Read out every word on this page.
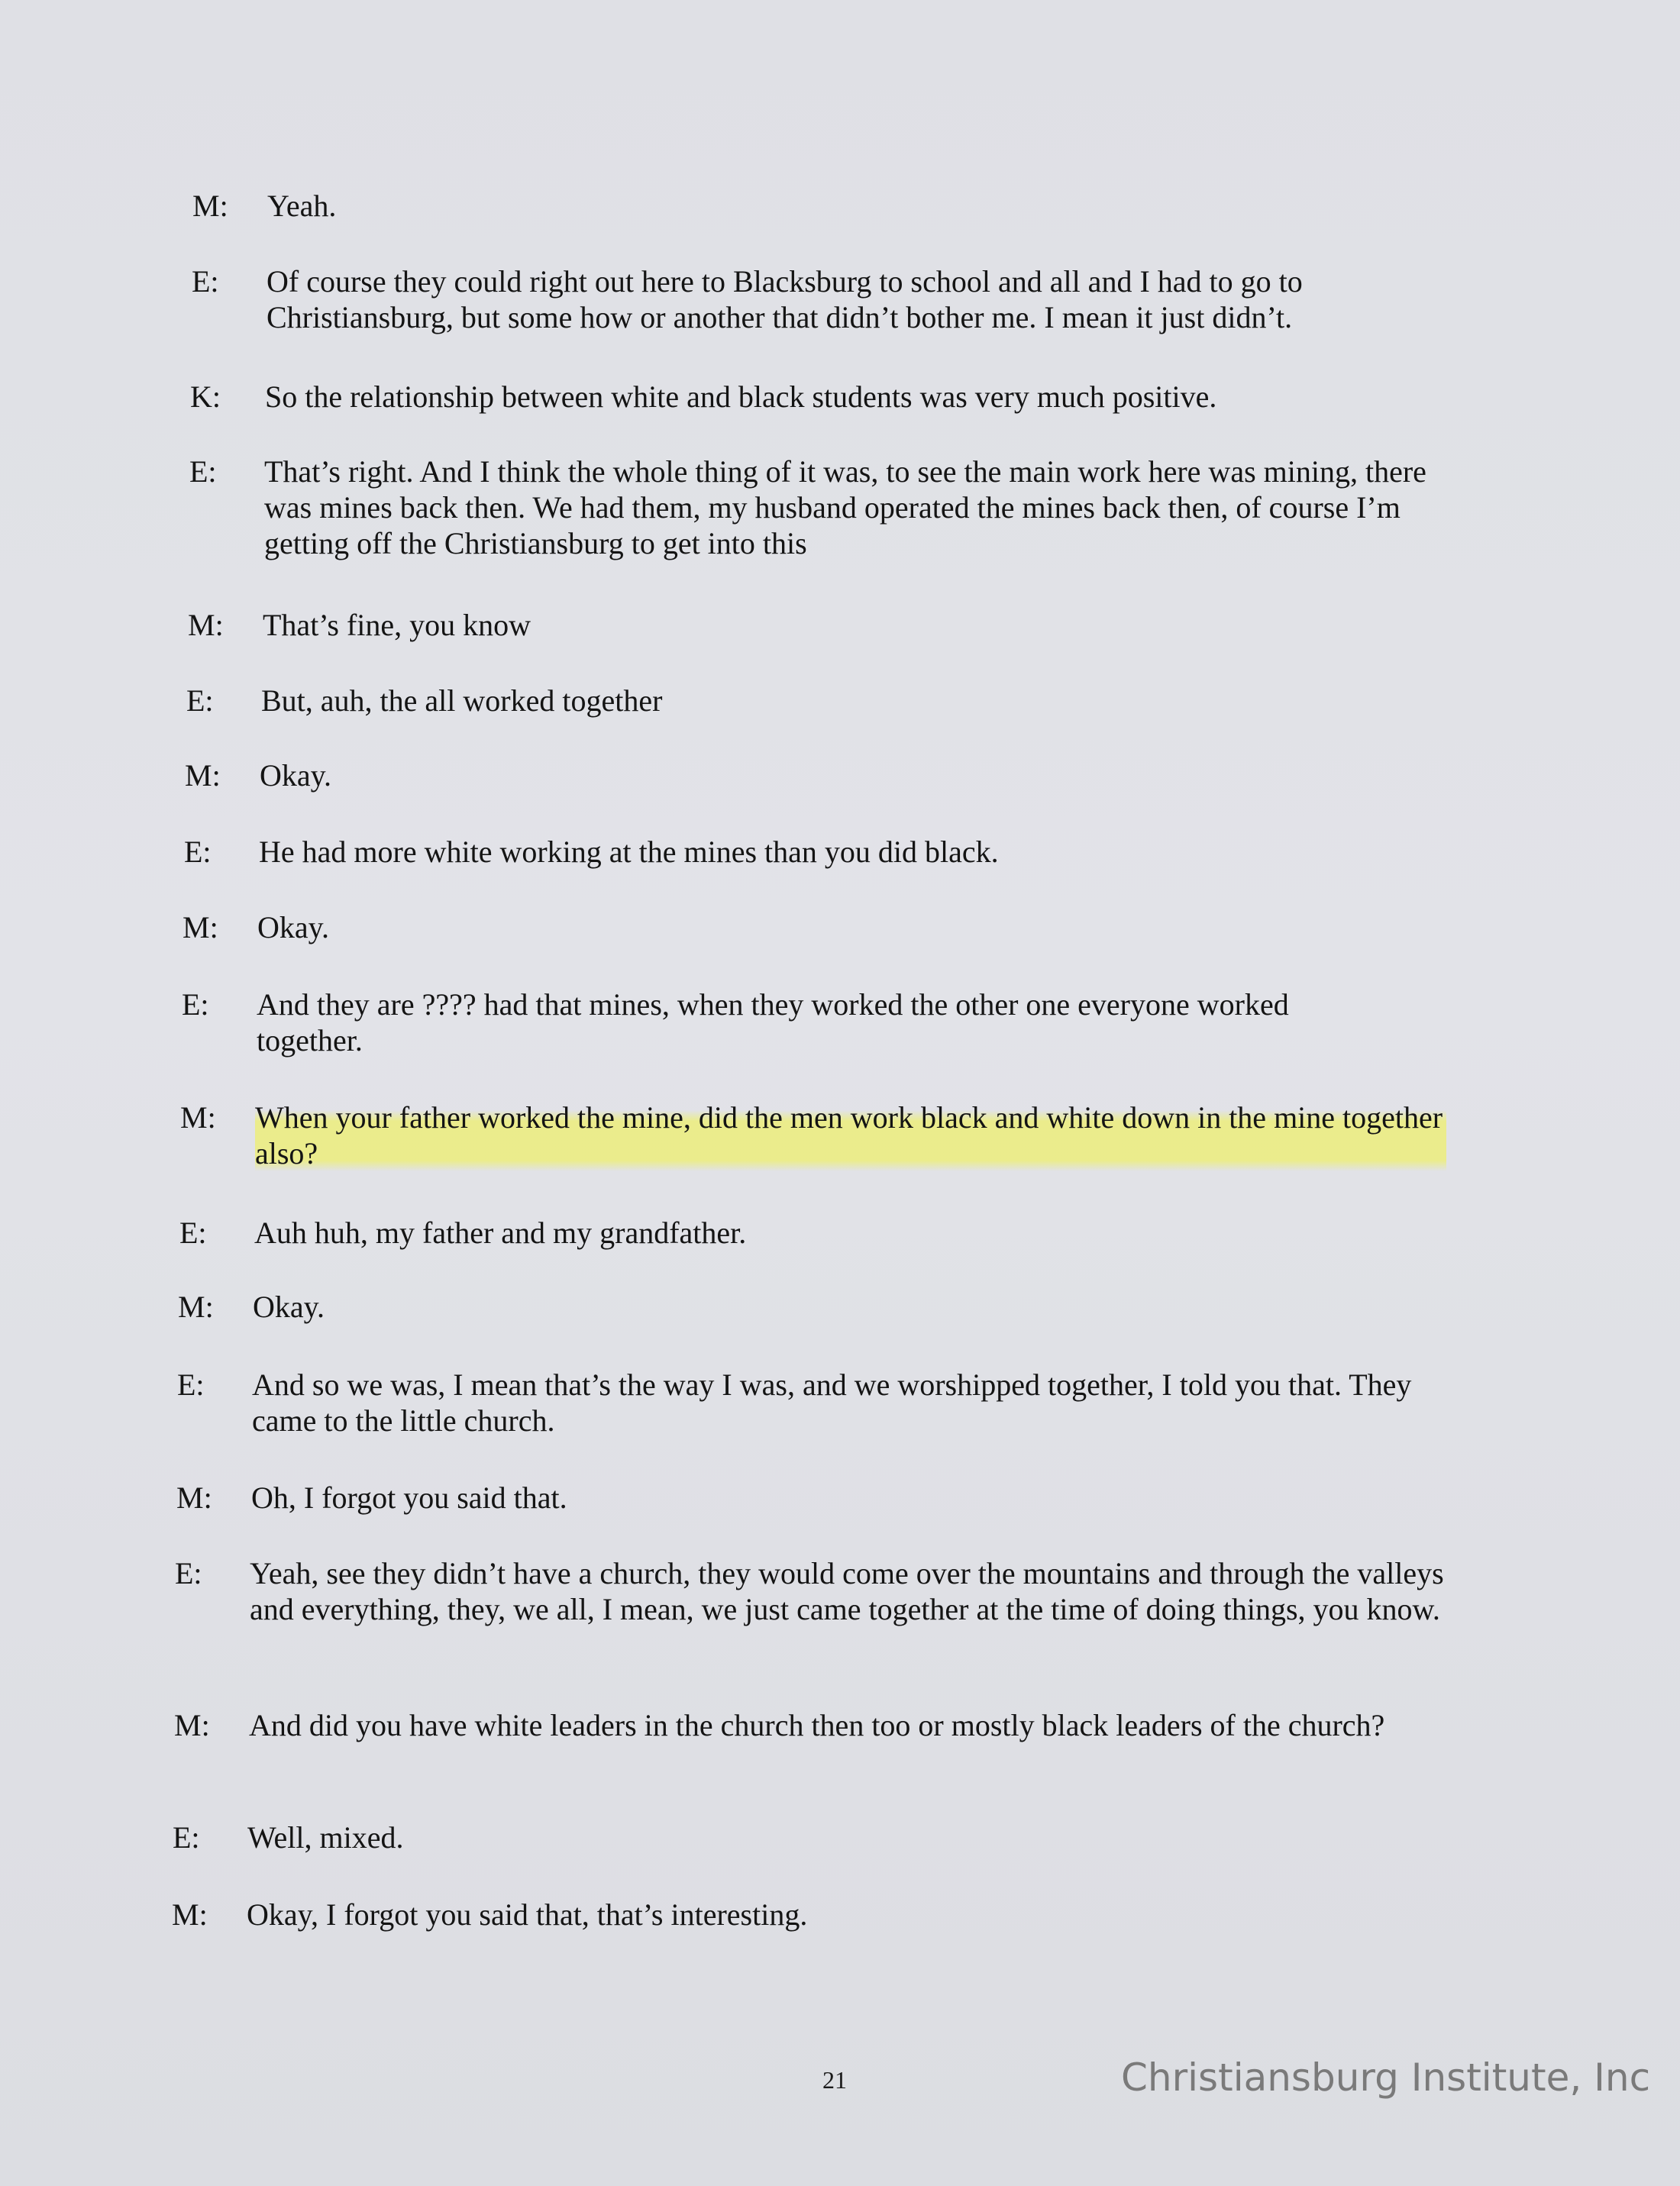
M:	Yeah.
E:	Of course they could right out here to Blacksburg to school and all and I had to go to Christiansburg, but some how or another that didn’t bother me. I mean it just didn’t.
K:	So the relationship between white and black students was very much positive.
E:	That’s right. And I think the whole thing of it was, to see the main work here was mining, there was mines back then. We had them, my husband operated the mines back then, of course I’m getting off the Christiansburg to get into this
M:	That’s fine, you know
E:	But, auh, the all worked together
M:	Okay.
E:	He had more white working at the mines than you did black.
M:	Okay.
E:	And they are ???? had that mines, when they worked the other one everyone worked together.
M:	When your father worked the mine, did the men work black and white down in the mine together also?
E:	Auh huh, my father and my grandfather.
M:	Okay.
E:	And so we was, I mean that’s the way I was, and we worshipped together, I told you that. They came to the little church.
M:	Oh, I forgot you said that.
E:	Yeah, see they didn’t have a church, they would come over the mountains and through the valleys and everything, they, we all, I mean, we just came together at the time of doing things, you know.
M:	And did you have white leaders in the church then too or mostly black leaders of the church?
E:	Well, mixed.
M:	Okay, I forgot you said that, that’s interesting.
21	Christiansburg Institute, Inc
